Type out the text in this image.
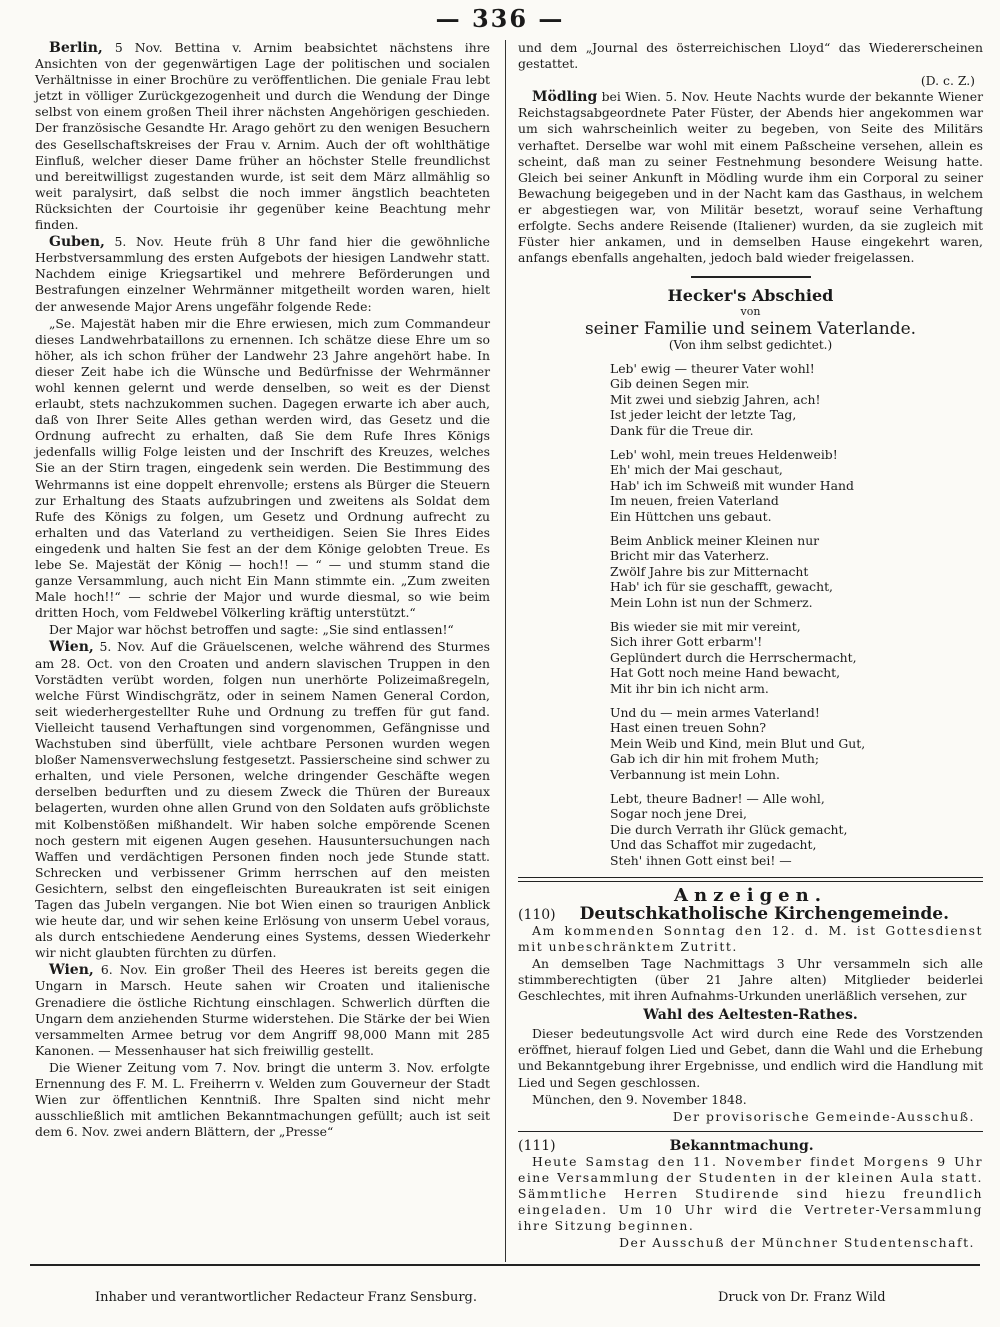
— 336 —

Berlin, 5 Nov. Bettina v. Arnim beabsichtet nächstens ihre Ansichten von der gegenwärtigen Lage der politischen und socialen Verhältnisse in einer Brochüre zu veröffentlichen. Die geniale Frau lebt jetzt in völliger Zurückgezogenheit und durch die Wendung der Dinge selbst von einem großen Theil ihrer nächsten Angehörigen geschieden. Der französische Gesandte Hr. Arago gehört zu den wenigen Besuchern des Gesellschaftskreises der Frau v. Arnim. Auch der oft wohlthätige Einfluß, welcher dieser Dame früher an höchster Stelle freundlichst und bereitwilligst zugestanden wurde, ist seit dem März allmählig so weit paralysirt, daß selbst die noch immer ängstlich beachteten Rücksichten der Courtoisie ihr gegenüber keine Beachtung mehr finden.

Guben, 5. Nov. Heute früh 8 Uhr fand hier die gewöhnliche Herbstversammlung des ersten Aufgebots der hiesigen Landwehr statt. Nachdem einige Kriegsartikel und mehrere Beförderungen und Bestrafungen einzelner Wehrmänner mitgetheilt worden waren, hielt der anwesende Major Arens ungefähr folgende Rede:

„Se. Majestät haben mir die Ehre erwiesen, mich zum Commandeur dieses Landwehrbataillons zu ernennen. Ich schätze diese Ehre um so höher, als ich schon früher der Landwehr 23 Jahre angehört habe. In dieser Zeit habe ich die Wünsche und Bedürfnisse der Wehrmänner wohl kennen gelernt und werde denselben, so weit es der Dienst erlaubt, stets nachzukommen suchen. Dagegen erwarte ich aber auch, daß von Ihrer Seite Alles gethan werden wird, das Gesetz und die Ordnung aufrecht zu erhalten, daß Sie dem Rufe Ihres Königs jedenfalls willig Folge leisten und der Inschrift des Kreuzes, welches Sie an der Stirn tragen, eingedenk sein werden. Die Bestimmung des Wehrmanns ist eine doppelt ehrenvolle; erstens als Bürger die Steuern zur Erhaltung des Staats aufzubringen und zweitens als Soldat dem Rufe des Königs zu folgen, um Gesetz und Ordnung aufrecht zu erhalten und das Vaterland zu vertheidigen. Seien Sie Ihres Eides eingedenk und halten Sie fest an der dem Könige gelobten Treue. Es lebe Se. Majestät der König — hoch!! — “ — und stumm stand die ganze Versammlung, auch nicht Ein Mann stimmte ein. „Zum zweiten Male hoch!!“ — schrie der Major und wurde diesmal, so wie beim dritten Hoch, vom Feldwebel Völkerling kräftig unterstützt.“

Der Major war höchst betroffen und sagte: „Sie sind entlassen!“

Wien, 5. Nov. Auf die Gräuelscenen, welche während des Sturmes am 28. Oct. von den Croaten und andern slavischen Truppen in den Vorstädten verübt worden, folgen nun unerhörte Polizeimaßregeln, welche Fürst Windischgrätz, oder in seinem Namen General Cordon, seit wiederhergestellter Ruhe und Ordnung zu treffen für gut fand. Vielleicht tausend Verhaftungen sind vorgenommen, Gefängnisse und Wachstuben sind überfüllt, viele achtbare Personen wurden wegen bloßer Namensverwechslung festgesetzt. Passierscheine sind schwer zu erhalten, und viele Personen, welche dringender Geschäfte wegen derselben bedurften und zu diesem Zweck die Thüren der Bureaux belagerten, wurden ohne allen Grund von den Soldaten aufs gröblichste mit Kolbenstößen mißhandelt. Wir haben solche empörende Scenen noch gestern mit eigenen Augen gesehen. Hausuntersuchungen nach Waffen und verdächtigen Personen finden noch jede Stunde statt. Schrecken und verbissener Grimm herrschen auf den meisten Gesichtern, selbst den eingefleischten Bureaukraten ist seit einigen Tagen das Jubeln vergangen. Nie bot Wien einen so traurigen Anblick wie heute dar, und wir sehen keine Erlösung von unserm Uebel voraus, als durch entschiedene Aenderung eines Systems, dessen Wiederkehr wir nicht glaubten fürchten zu dürfen.

Wien, 6. Nov. Ein großer Theil des Heeres ist bereits gegen die Ungarn in Marsch. Heute sahen wir Croaten und italienische Grenadiere die östliche Richtung einschlagen. Schwerlich dürften die Ungarn dem anziehenden Sturme widerstehen. Die Stärke der bei Wien versammelten Armee betrug vor dem Angriff 98,000 Mann mit 285 Kanonen. — Messenhauser hat sich freiwillig gestellt.

Die Wiener Zeitung vom 7. Nov. bringt die unterm 3. Nov. erfolgte Ernennung des F. M. L. Freiherrn v. Welden zum Gouverneur der Stadt Wien zur öffentlichen Kenntniß. Ihre Spalten sind nicht mehr ausschließlich mit amtlichen Bekanntmachungen gefüllt; auch ist seit dem 6. Nov. zwei andern Blättern, der „Presse“

und dem „Journal des österreichischen Lloyd“ das Wiedererscheinen gestattet.

(D. c. Z.)

Mödling bei Wien. 5. Nov. Heute Nachts wurde der bekannte Wiener Reichstagsabgeordnete Pater Füster, der Abends hier angekommen war um sich wahrscheinlich weiter zu begeben, von Seite des Militärs verhaftet. Derselbe war wohl mit einem Paßscheine versehen, allein es scheint, daß man zu seiner Festnehmung besondere Weisung hatte. Gleich bei seiner Ankunft in Mödling wurde ihm ein Corporal zu seiner Bewachung beigegeben und in der Nacht kam das Gasthaus, in welchem er abgestiegen war, von Militär besetzt, worauf seine Verhaftung erfolgte. Sechs andere Reisende (Italiener) wurden, da sie zugleich mit Füster hier ankamen, und in demselben Hause eingekehrt waren, anfangs ebenfalls angehalten, jedoch bald wieder freigelassen.

Hecker's Abschied
von
seiner Familie und seinem Vaterlande.
(Von ihm selbst gedichtet.)
Leb' ewig — theurer Vater wohl!
Gib deinen Segen mir.
Mit zwei und siebzig Jahren, ach!
Ist jeder leicht der letzte Tag,
Dank für die Treue dir.
Leb' wohl, mein treues Heldenweib!
Eh' mich der Mai geschaut,
Hab' ich im Schweiß mit wunder Hand
Im neuen, freien Vaterland
Ein Hüttchen uns gebaut.
Beim Anblick meiner Kleinen nur
Bricht mir das Vaterherz.
Zwölf Jahre bis zur Mitternacht
Hab' ich für sie geschafft, gewacht,
Mein Lohn ist nun der Schmerz.
Bis wieder sie mit mir vereint,
Sich ihrer Gott erbarm'!
Geplündert durch die Herrschermacht,
Hat Gott noch meine Hand bewacht,
Mit ihr bin ich nicht arm.
Und du — mein armes Vaterland!
Hast einen treuen Sohn?
Mein Weib und Kind, mein Blut und Gut,
Gab ich dir hin mit frohem Muth;
Verbannung ist mein Lohn.
Lebt, theure Badner! — Alle wohl,
Sogar noch jene Drei,
Die durch Verrath ihr Glück gemacht,
Und das Schaffot mir zugedacht,
Steh' ihnen Gott einst bei! —
Anzeigen.
(110) Deutschkatholische Kirchengemeinde.

Am kommenden Sonntag den 12. d. M. ist Gottesdienst mit unbeschränktem Zutritt.

An demselben Tage Nachmittags 3 Uhr versammeln sich alle stimmberechtigten (über 21 Jahre alten) Mitglieder beiderlei Geschlechtes, mit ihren Aufnahms-Urkunden unerläßlich versehen, zur

Wahl des Aeltesten-Rathes.

Dieser bedeutungsvolle Act wird durch eine Rede des Vorstzenden eröffnet, hierauf folgen Lied und Gebet, dann die Wahl und die Erhebung und Bekanntgebung ihrer Ergebnisse, und endlich wird die Handlung mit Lied und Segen geschlossen.

München, den 9. November 1848.

Der provisorische Gemeinde-Ausschuß.
(111)	Bekanntmachung.

Heute Samstag den 11. November findet Morgens 9 Uhr eine Versammlung der Studenten in der kleinen Aula statt. Sämmtliche Herren Studirende sind hiezu freundlich eingeladen. Um 10 Uhr wird die Vertreter-Versammlung ihre Sitzung beginnen.

Der Ausschuß der Münchner Studentenschaft.
Inhaber und verantwortlicher Redacteur Franz Sensburg.	Druck von Dr. Franz Wild
